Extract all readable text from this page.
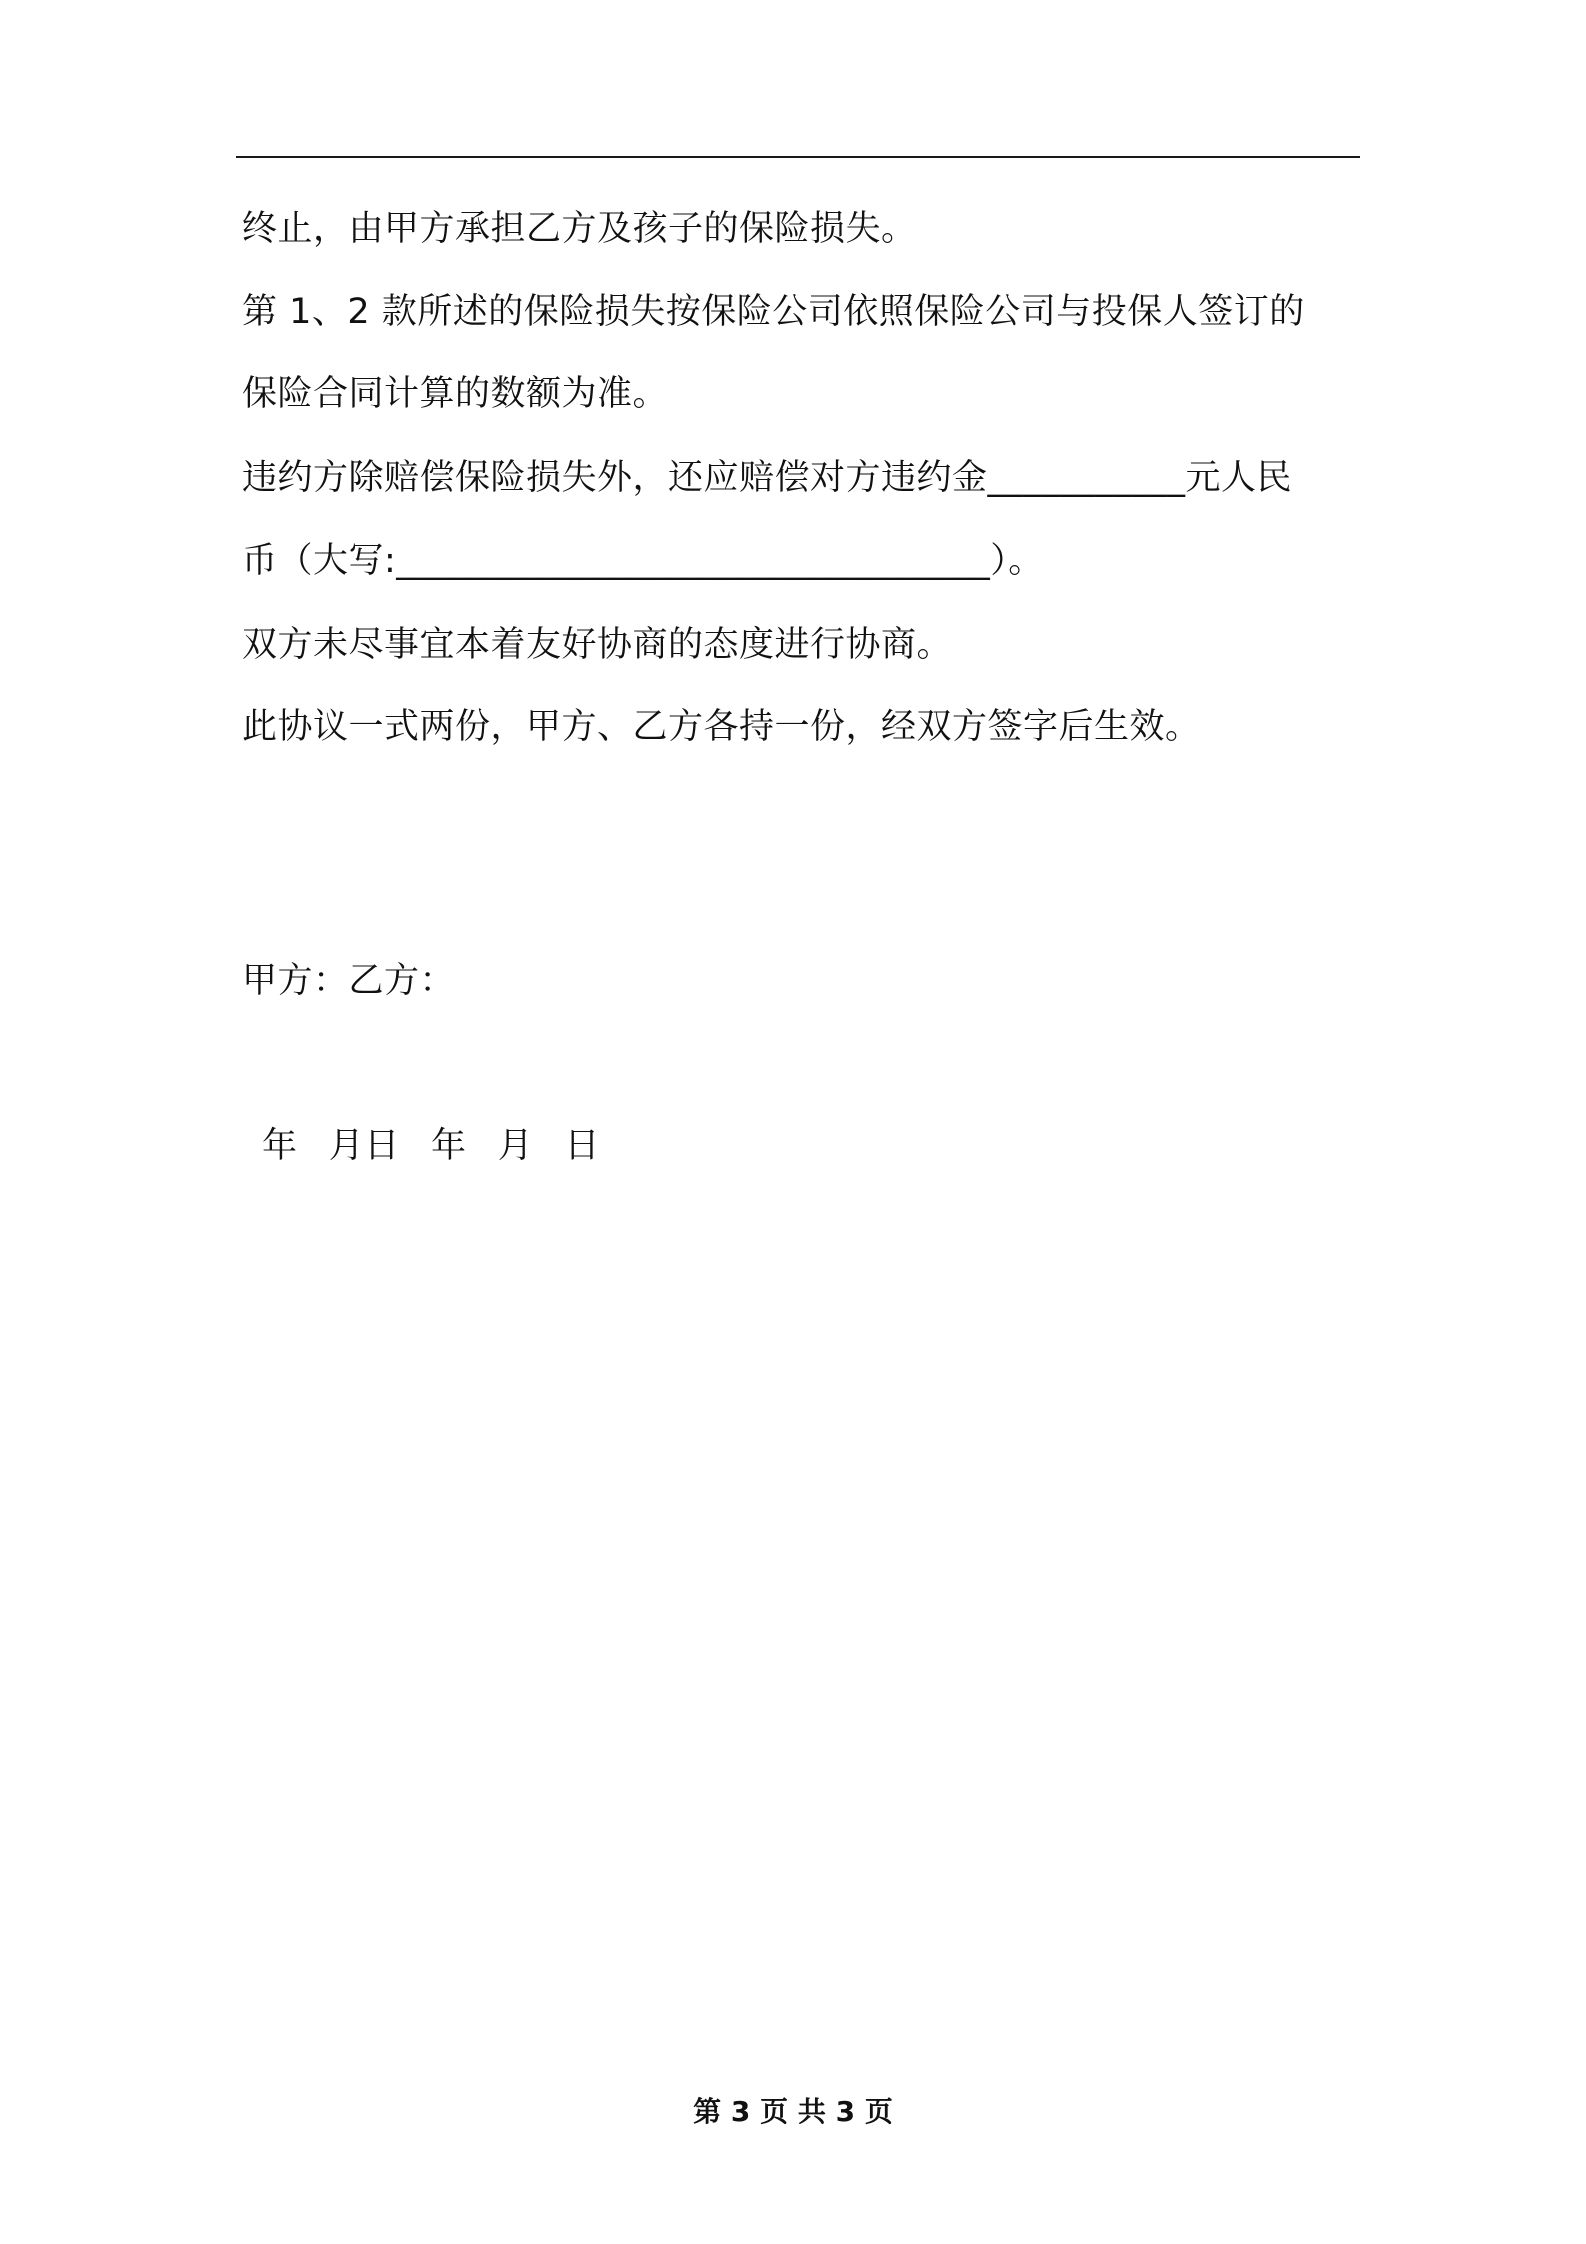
终止，由甲方承担乙方及孩子的保险损失。
第 1、2 款所述的保险损失按保险公司依照保险公司与投保人签订的
保险合同计算的数额为准。
违约方除赔偿保险损失外，还应赔偿对方违约金___________元人民
币（大写:_________________________________）。
双方未尽事宜本着友好协商的态度进行协商。
此协议一式两份，甲方、乙方各持一份，经双方签字后生效。
甲方：乙方：
年  月日  年  月  日
第 3 页 共 3 页
